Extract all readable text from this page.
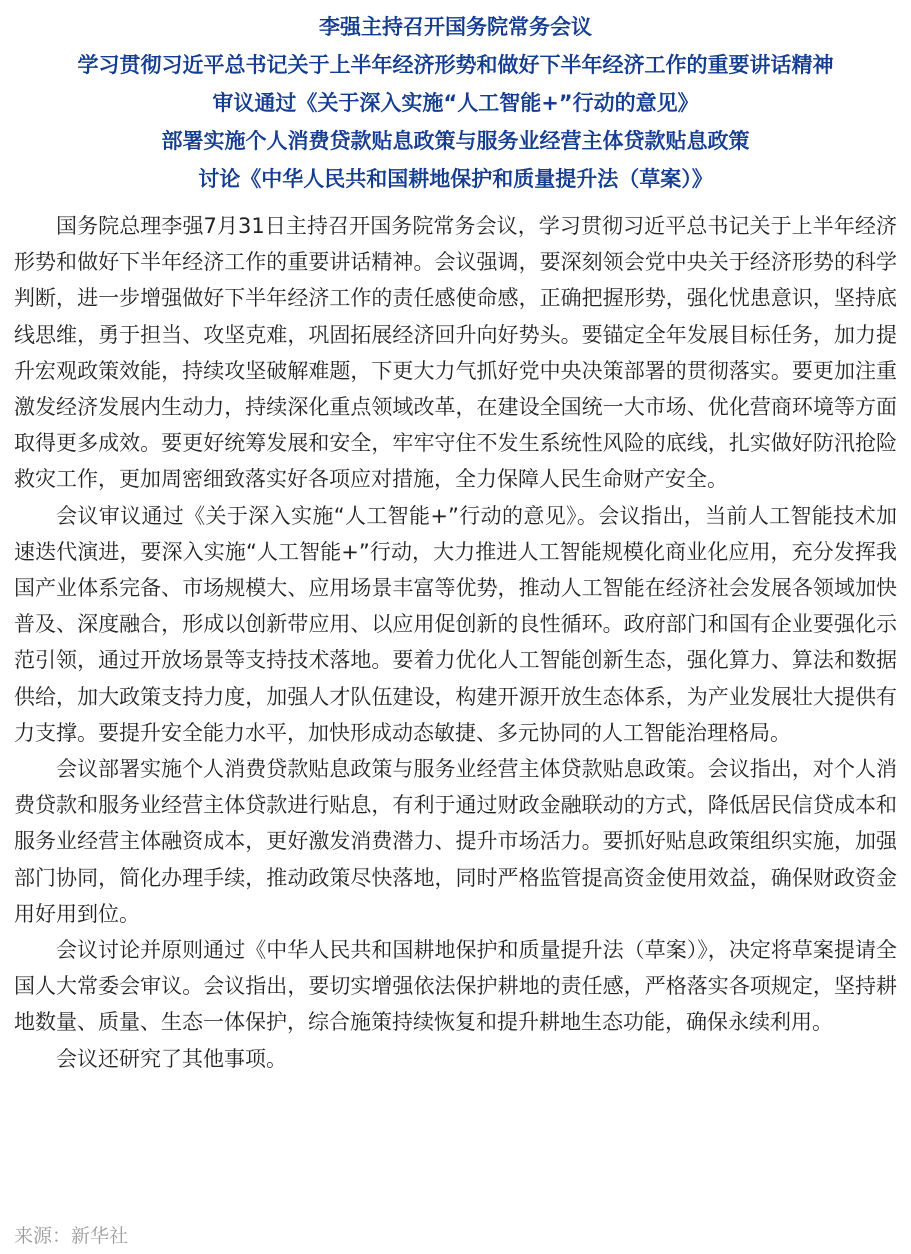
李强主持召开国务院常务会议
学习贯彻习近平总书记关于上半年经济形势和做好下半年经济工作的重要讲话精神
审议通过《关于深入实施“人工智能+”行动的意见》
部署实施个人消费贷款贴息政策与服务业经营主体贷款贴息政策
讨论《中华人民共和国耕地保护和质量提升法（草案）》

国务院总理李强7月31日主持召开国务院常务会议，学习贯彻习近平总书记关于上半年经济形势和做好下半年经济工作的重要讲话精神。会议强调，要深刻领会党中央关于经济形势的科学判断，进一步增强做好下半年经济工作的责任感使命感，正确把握形势，强化忧患意识，坚持底线思维，勇于担当、攻坚克难，巩固拓展经济回升向好势头。要锚定全年发展目标任务，加力提升宏观政策效能，持续攻坚破解难题，下更大力气抓好党中央决策部署的贯彻落实。要更加注重激发经济发展内生动力，持续深化重点领域改革，在建设全国统一大市场、优化营商环境等方面取得更多成效。要更好统筹发展和安全，牢牢守住不发生系统性风险的底线，扎实做好防汛抢险救灾工作，更加周密细致落实好各项应对措施，全力保障人民生命财产安全。

会议审议通过《关于深入实施“人工智能+”行动的意见》。会议指出，当前人工智能技术加速迭代演进，要深入实施“人工智能+”行动，大力推进人工智能规模化商业化应用，充分发挥我国产业体系完备、市场规模大、应用场景丰富等优势，推动人工智能在经济社会发展各领域加快普及、深度融合，形成以创新带应用、以应用促创新的良性循环。政府部门和国有企业要强化示范引领，通过开放场景等支持技术落地。要着力优化人工智能创新生态，强化算力、算法和数据供给，加大政策支持力度，加强人才队伍建设，构建开源开放生态体系，为产业发展壮大提供有力支撑。要提升安全能力水平，加快形成动态敏捷、多元协同的人工智能治理格局。

会议部署实施个人消费贷款贴息政策与服务业经营主体贷款贴息政策。会议指出，对个人消费贷款和服务业经营主体贷款进行贴息，有利于通过财政金融联动的方式，降低居民信贷成本和服务业经营主体融资成本，更好激发消费潜力、提升市场活力。要抓好贴息政策组织实施，加强部门协同，简化办理手续，推动政策尽快落地，同时严格监管提高资金使用效益，确保财政资金用好用到位。

会议讨论并原则通过《中华人民共和国耕地保护和质量提升法（草案）》，决定将草案提请全国人大常委会审议。会议指出，要切实增强依法保护耕地的责任感，严格落实各项规定，坚持耕地数量、质量、生态一体保护，综合施策持续恢复和提升耕地生态功能，确保永续利用。

会议还研究了其他事项。

来源：新华社
